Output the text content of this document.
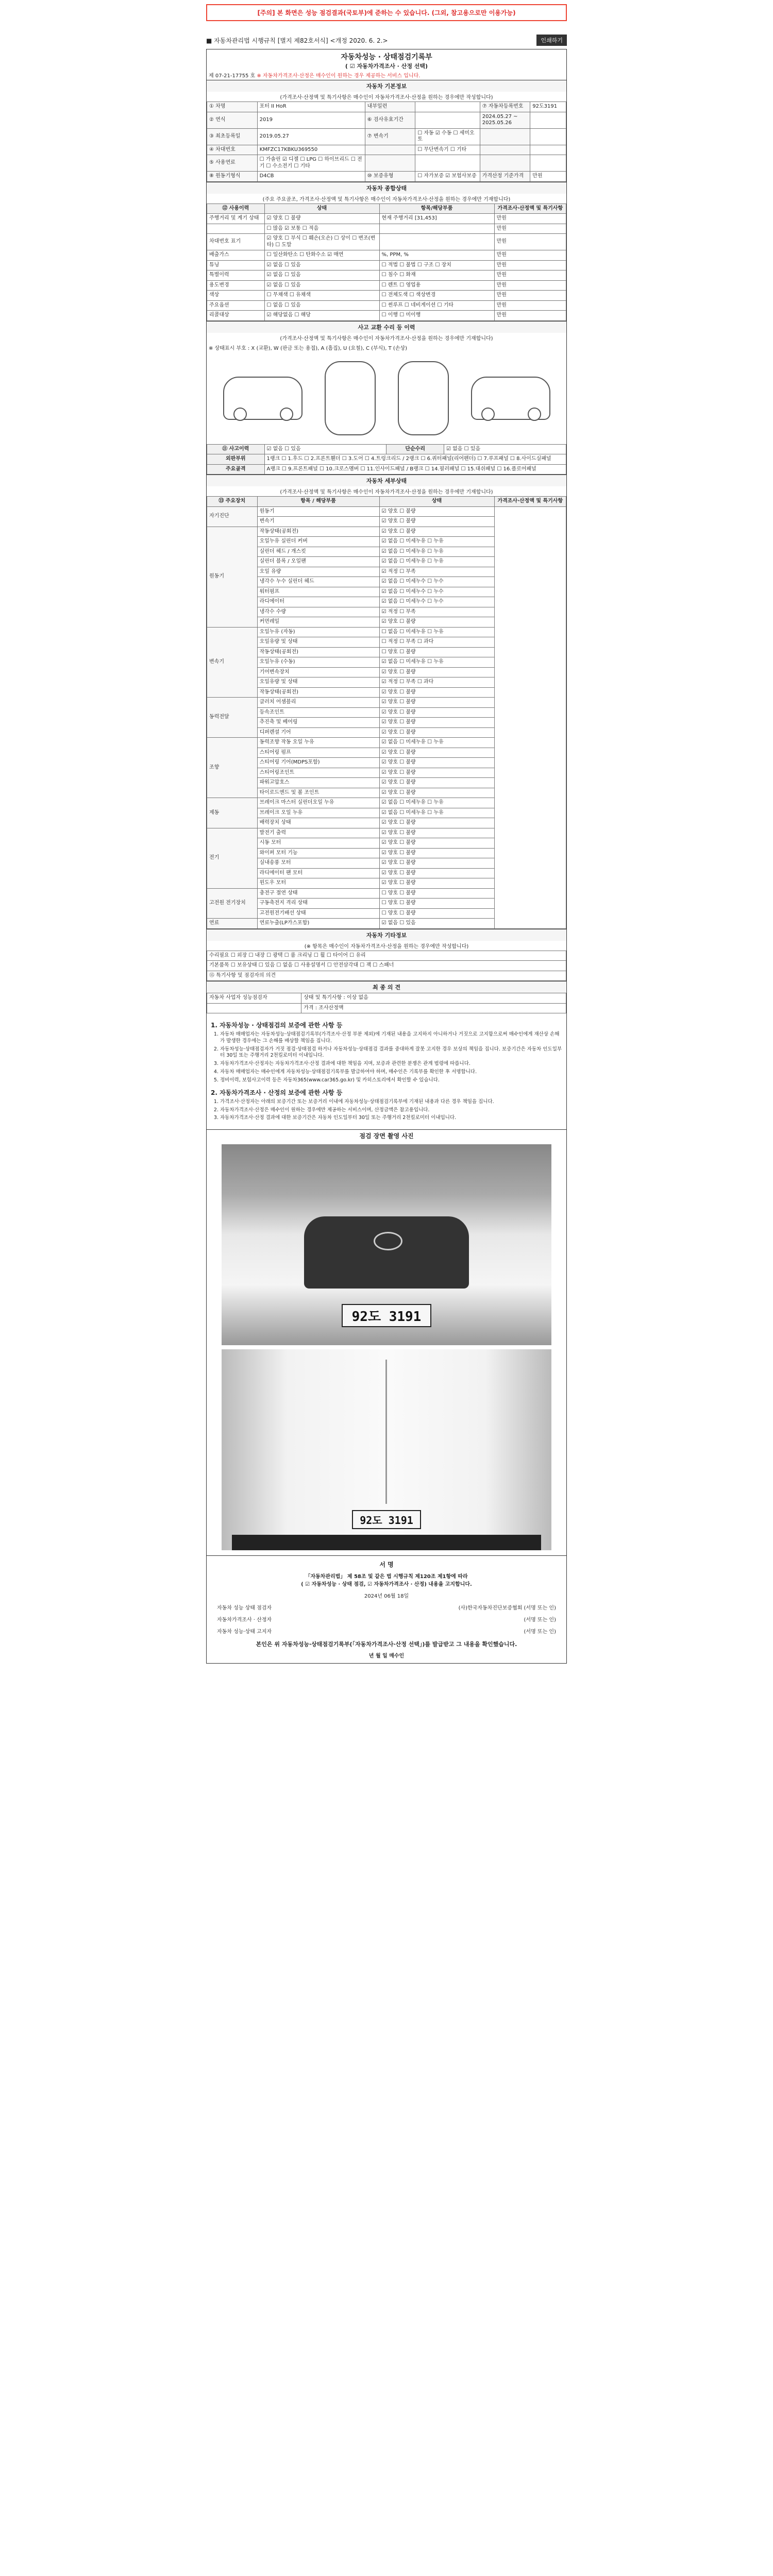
[주의] 본 화면은 성능 점검결과(국토부)에 준하는 수 있습니다. (그외, 참고용으로만 이용가능)
■ 자동차관리법 시행규칙 [별지 제82호서식] <개정 2020. 6. 2.>	인쇄하기
자동차성능 · 상태점검기록부
( ☑ 자동차가격조사 · 산정 선택)
제 07-21-17755 호 ※ 자동차가격조사·산정은 매수인이 원하는 경우 제공하는 서비스 입니다.
자동차 기본정보
(가격조사·산정액 및 특기사항은 매수인이 자동차가격조사·산정을 원하는 경우에만 작성합니다)
① 차명	포터 II HoR	내부일련		⑦ 자동차등록번호	92도3191
② 연식	2019	⑥ 검사유효기간		2024.05.27 ~ 2025.05.26	
③ 최초등록일	2019.05.27	⑦ 변속기	☐ 자동 ☑ 수동 ☐ 세미오토		
④ 차대번호	KMFZC17KBKU369550		☐ 무단변속기 ☐ 기타		
⑤ 사용연료	☐ 가솔린 ☑ 디젤 ☐ LPG ☐ 하이브리드 ☐ 전기 ☐ 수소전기 ☐ 기타				
⑧ 원동기형식	D4CB	⑩ 보증유형	☐ 자가보증 ☑ 보험사보증	가격산정 기준가격	만원
자동차 종합상태
(주요 주요골조, 가격조사·산정액 및 특기사항은 매수인이 자동차가격조사·산정을 원하는 경우에만 기재합니다)
⑫ 사용이력	상태	항목/해당부품	가격조사·산정액 및 특기사항
주행거리 및 계기 상태	☑ 양호 ☐ 불량	현재 주행거리 [31,453]	만원
	☐ 많음 ☑ 보통 ☐ 적음		만원
차대번호 표기	☑ 양호 ☐ 부식 ☐ 훼손(오손) ☐ 상이 ☐ 변조(변타) ☐ 도말		만원
배출가스	☐ 일산화탄소 ☐ 탄화수소 ☑ 매연	%, PPM, %	만원
튜닝	☑ 없음 ☐ 있음	☐ 적법 ☐ 불법 ☐ 구조 ☐ 장치	만원
특별이력	☑ 없음 ☐ 있음	☐ 침수 ☐ 화재	만원
용도변경	☑ 없음 ☐ 있음	☐ 렌트 ☐ 영업용	만원
색상	☐ 무채색 ☐ 유채색	☐ 전체도색 ☐ 색상변경	만원
주요옵션	☐ 없음 ☐ 있음	☐ 썬루프 ☐ 네비게이션 ☐ 기타	만원
리콜대상	☑ 해당없음 ☐ 해당	☐ 이행 ☐ 미이행	만원
사고 교환 수리 등 이력
(가격조사·산정액 및 특기사항은 매수인이 자동차가격조사·산정을 원하는 경우에만 기재합니다)
※ 상태표시 부호 : X (교환), W (판금 또는 용접), A (흠집), U (요철), C (부식), T (손상)
⑪ 사고이력	☑ 없음 ☐ 있음	단순수리	☑ 없음 ☐ 있음
외판부위	1랭크 ☐ 1.후드 ☐ 2.프론트휀더 ☐ 3.도어 ☐ 4.트렁크리드 / 2랭크 ☐ 6.쿼터패널(리어펜더) ☐ 7.루프패널 ☐ 8.사이드실패널		
주요골격	A랭크 ☐ 9.프론트패널 ☐ 10.크로스멤버 ☐ 11.인사이드패널 / B랭크 ☐ 14.필러패널 ☐ 15.대쉬패널 ☐ 16.플로어패널		
자동차 세부상태
(가격조사·산정액 및 특기사항은 매수인이 자동차가격조사·산정을 원하는 경우에만 기재합니다)
⑬ 주요장치	항목 / 해당부품	상태	가격조사·산정액 및 특기사항
자기진단	원동기	☑ 양호 ☐ 불량	
	변속기	☑ 양호 ☐ 불량	
원동기	작동상태(공회전)	☑ 양호 ☐ 불량	
	오일누유 실린더 커버	☑ 없음 ☐ 미세누유 ☐ 누유	
	실린더 헤드 / 개스킷	☑ 없음 ☐ 미세누유 ☐ 누유	
	실린더 블록 / 오일팬	☑ 없음 ☐ 미세누유 ☐ 누유	
	오일 유량	☑ 적정 ☐ 부족	
	냉각수 누수 실린더 헤드	☑ 없음 ☐ 미세누수 ☐ 누수	
	워터펌프	☑ 없음 ☐ 미세누수 ☐ 누수	
	라디에이터	☑ 없음 ☐ 미세누수 ☐ 누수	
	냉각수 수량	☑ 적정 ☐ 부족	
	커먼레일	☑ 양호 ☐ 불량	
변속기	오일누유 (자동)	☐ 없음 ☐ 미세누유 ☐ 누유	
	오일유량 및 상태	☐ 적정 ☐ 부족 ☐ 과다	
	작동상태(공회전)	☐ 양호 ☐ 불량	
	오일누유 (수동)	☑ 없음 ☐ 미세누유 ☐ 누유	
	기어변속장치	☑ 양호 ☐ 불량	
	오일유량 및 상태	☑ 적정 ☐ 부족 ☐ 과다	
	작동상태(공회전)	☑ 양호 ☐ 불량	
동력전달	클러치 어셈블리	☑ 양호 ☐ 불량	
	등속조인트	☑ 양호 ☐ 불량	
	추진축 및 베어링	☑ 양호 ☐ 불량	
	디퍼렌셜 기어	☑ 양호 ☐ 불량	
조향	동력조향 작동 오일 누유	☑ 없음 ☐ 미세누유 ☐ 누유	
	스티어링 펌프	☑ 양호 ☐ 불량	
	스티어링 기어(MDPS포함)	☑ 양호 ☐ 불량	
	스티어링조인트	☑ 양호 ☐ 불량	
	파워고압호스	☑ 양호 ☐ 불량	
	타이로드엔드 및 볼 조인트	☑ 양호 ☐ 불량	
제동	브레이크 마스터 실린더오일 누유	☑ 없음 ☐ 미세누유 ☐ 누유	
	브레이크 오일 누유	☑ 없음 ☐ 미세누유 ☐ 누유	
	배력장치 상태	☑ 양호 ☐ 불량	
전기	발전기 출력	☑ 양호 ☐ 불량	
	시동 모터	☑ 양호 ☐ 불량	
	와이퍼 모터 기능	☑ 양호 ☐ 불량	
	실내송풍 모터	☑ 양호 ☐ 불량	
	라디에이터 팬 모터	☑ 양호 ☐ 불량	
	윈도우 모터	☑ 양호 ☐ 불량	
고전원 전기장치	충전구 절연 상태	☐ 양호 ☐ 불량	
	구동축전지 격리 상태	☐ 양호 ☐ 불량	
	고전원전기배선 상태	☐ 양호 ☐ 불량	
연료	연료누출(LP가스포함)	☑ 없음 ☐ 있음	
자동차 기타정보
(※ 항목은 매수인이 자동차가격조사·산정을 원하는 경우에만 작성합니다)
수리필요 ☐ 외장 ☐ 내장 ☐ 광택 ☐ 룸 크리닝 ☐ 휠 ☐ 타이어 ☐ 유리
기본품목 ☐ 보유상태 ☐ 있음 ☐ 없음 ☐ 사용설명서 ☐ 안전삼각대 ☐ 잭 ☐ 스패너
⑮ 특기사항 및 점검자의 의견
최 종 의 견
자동차 사업자 성능점검자	상태 및 특기사항 : 이상 없음
	가격 : 조사산정액
1. 자동차성능 · 상태점검의 보증에 관한 사항 등
1. 자동차 매매업자는 자동차성능·상태점검기록부(가격조사·산정 부분 제외)에 기재된 내용을 고지하지 아니하거나 거짓으로 고지함으로써 매수인에게 재산상 손해가 발생한 경우에는 그 손해를 배상할 책임을 집니다.
2. 자동차성능·상태점검자가 거짓 점검·상태점검 하거나 자동차성능·상태점검 결과를 중대하게 잘못 고지한 경우 보상의 책임을 집니다. 보증기간은 자동차 인도일부터 30일 또는 주행거리 2천킬로미터 이내입니다.
3. 자동차가격조사·산정자는 자동차가격조사·산정 결과에 대한 책임을 지며, 보증과 관련한 분쟁은 관계 법령에 따릅니다.
4. 자동차 매매업자는 매수인에게 자동차성능·상태점검기록부를 발급하여야 하며, 매수인은 기록부를 확인한 후 서명합니다.
5. 정비이력, 보험사고이력 등은 자동차365(www.car365.go.kr) 및 카히스토리에서 확인할 수 있습니다.
2. 자동차가격조사 · 산정의 보증에 관한 사항 등
1. 가격조사·산정자는 아래의 보증기간 또는 보증거리 이내에 자동차성능·상태점검기록부에 기재된 내용과 다른 경우 책임을 집니다.
2. 자동차가격조사·산정은 매수인이 원하는 경우에만 제공하는 서비스이며, 산정금액은 참고용입니다.
3. 자동차가격조사·산정 결과에 대한 보증기간은 자동차 인도일부터 30일 또는 주행거리 2천킬로미터 이내입니다.
점검 장면 촬영 사진
92도 3191
92도 3191
서 명
「자동차관리법」 제 58조 및 같은 법 시행규칙 제120조 제1항에 따라
( ☑ 자동차성능 · 상태 점검, ☑ 자동차가격조사 · 산정) 내용을 고지합니다.
2024년 06월 18일
자동차 성능 상태 점검자	(사)한국자동차진단보증협회 (서명 또는 인)
자동차가격조사 · 산정자	(서명 또는 인)
자동차 성능·상태 고지자	(서명 또는 인)
본인은 위 자동차성능·상태점검기록부(「자동차가격조사·산정 선택」)를 발급받고 그 내용을 확인했습니다.
년 월 일 매수인
